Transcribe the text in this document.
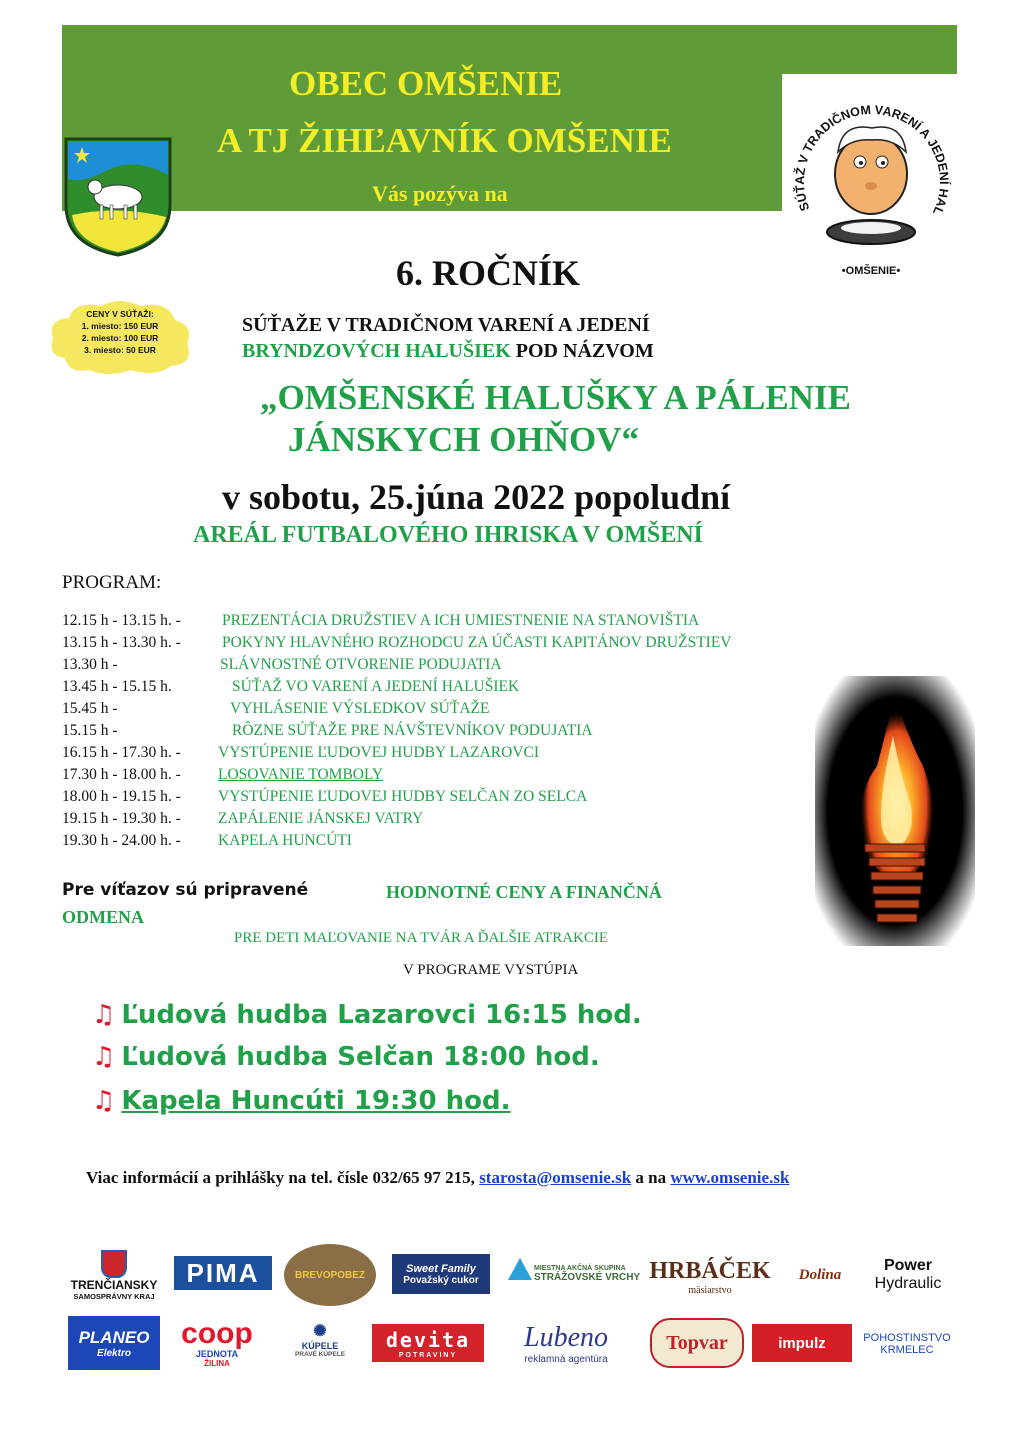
OBEC OMŠENIE
A TJ ŽIHĽAVNÍK OMŠENIE
Vás pozýva na
SÚŤAŽ V TRADIČNOM VARENÍ A JEDENÍ HAL
•OMŠENIE•
CENY V SÚŤAŽI:
1. miesto: 150 EUR
2. miesto: 100 EUR
3. miesto: 50 EUR
6. ROČNÍK
SÚŤAŽE V TRADIČNOM VARENÍ A JEDENÍ
BRYNDZOVÝCH HALUŠIEK POD NÁZVOM
„OMŠENSKÉ HALUŠKY A PÁLENIE
JÁNSKYCH OHŇOV“
v sobotu, 25.júna 2022 popoludní
AREÁL FUTBALOVÉHO IHRISKA V OMŠENÍ
PROGRAM:
12.15 h - 13.15 h. -	PREZENTÁCIA DRUŽSTIEV A ICH UMIESTNENIE NA STANOVIŠTIA
13.15 h - 13.30 h. -	POKYNY HLAVNÉHO ROZHODCU ZA ÚČASTI KAPITÁNOV DRUŽSTIEV
13.30 h -	SLÁVNOSTNÉ OTVORENIE PODUJATIA
13.45 h - 15.15 h.	SÚŤAŽ VO VARENÍ A JEDENÍ HALUŠIEK
15.45 h -	VYHLÁSENIE VÝSLEDKOV SÚŤAŽE
15.15 h -	RÔZNE SÚŤAŽE PRE NÁVŠTEVNÍKOV PODUJATIA
16.15 h - 17.30 h. - VYSTÚPENIE ĽUDOVEJ HUDBY LAZAROVCI
17.30 h - 18.00 h. - LOSOVANIE TOMBOLY
18.00 h - 19.15 h. - VYSTÚPENIE ĽUDOVEJ HUDBY SELČAN ZO SELCA
19.15 h - 19.30 h. - ZAPÁLENIE JÁNSKEJ VATRY
19.30 h - 24.00 h. - KAPELA HUNCÚTI
Pre víťazov sú pripravené	HODNOTNÉ CENY A FINANČNÁ
ODMENA
PRE DETI MAĽOVANIE NA TVÁR A ĎALŠIE ATRAKCIE
V PROGRAME VYSTÚPIA
♫ Ľudová hudba Lazarovci 16:15 hod.
♫ Ľudová hudba Selčan 18:00 hod.
♫ Kapela Huncúti 19:30 hod.
Viac informácií a prihlášky na tel. čísle 032/65 97 215, starosta@omsenie.sk a na www.omsenie.sk
TRENČIANSKY
SAMOSPRÁVNY KRAJ
PIMA	BREVOPOBEZ
Sweet Family
Považský cukor
MIESTNA AKČNÁ SKUPINA
STRÁŽOVSKÉ VRCHY HRBÁČEK
mäsiarstvo
Dolina
Power
Hydraulic
PLANEO
Elektro
coop
JEDNOTA
ŽILINA
✺
KÚPELE
PRAVÉ KÚPELE
devita
POTRAVINY
Lubeno
reklamná agentúra
Topvar	impulz	POHOSTINSTVO
KRMELEC
